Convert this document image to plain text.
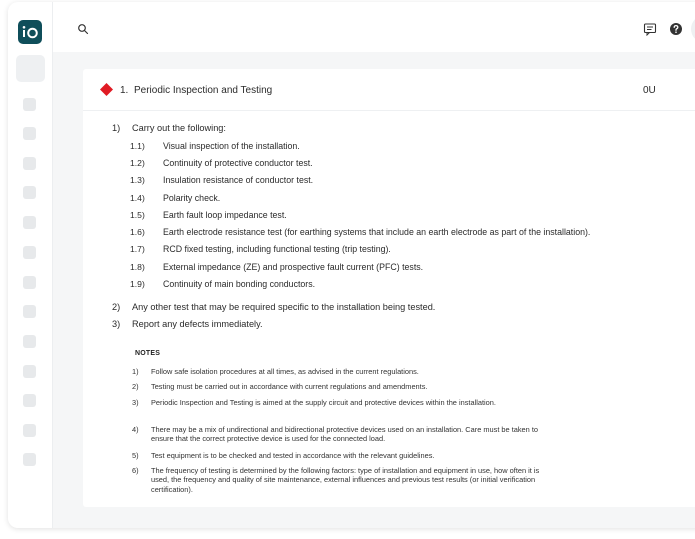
1. Periodic Inspection and Testing	0U
1) Carry out the following:
1.1) Visual inspection of the installation.
1.2) Continuity of protective conductor test.
1.3) Insulation resistance of conductor test.
1.4) Polarity check.
1.5) Earth fault loop impedance test.
1.6) Earth electrode resistance test (for earthing systems that include an earth electrode as part of the installation).
1.7) RCD fixed testing, including functional testing (trip testing).
1.8) External impedance (ZE) and prospective fault current (PFC) tests.
1.9) Continuity of main bonding conductors.
2) Any other test that may be required specific to the installation being tested.
3) Report any defects immediately.
NOTES
1) Follow safe isolation procedures at all times, as advised in the current regulations.
2) Testing must be carried out in accordance with current regulations and amendments.
3) Periodic Inspection and Testing is aimed at the supply circuit and protective devices within the installation.
4) There may be a mix of undirectional and bidirectional protective devices used on an installation. Care must be taken to ensure that the correct protective device is used for the connected load.
5) Test equipment is to be checked and tested in accordance with the relevant guidelines.
6) The frequency of testing is determined by the following factors: type of installation and equipment in use, how often it is used, the frequency and quality of site maintenance, external influences and previous test results (or initial verification certification).
